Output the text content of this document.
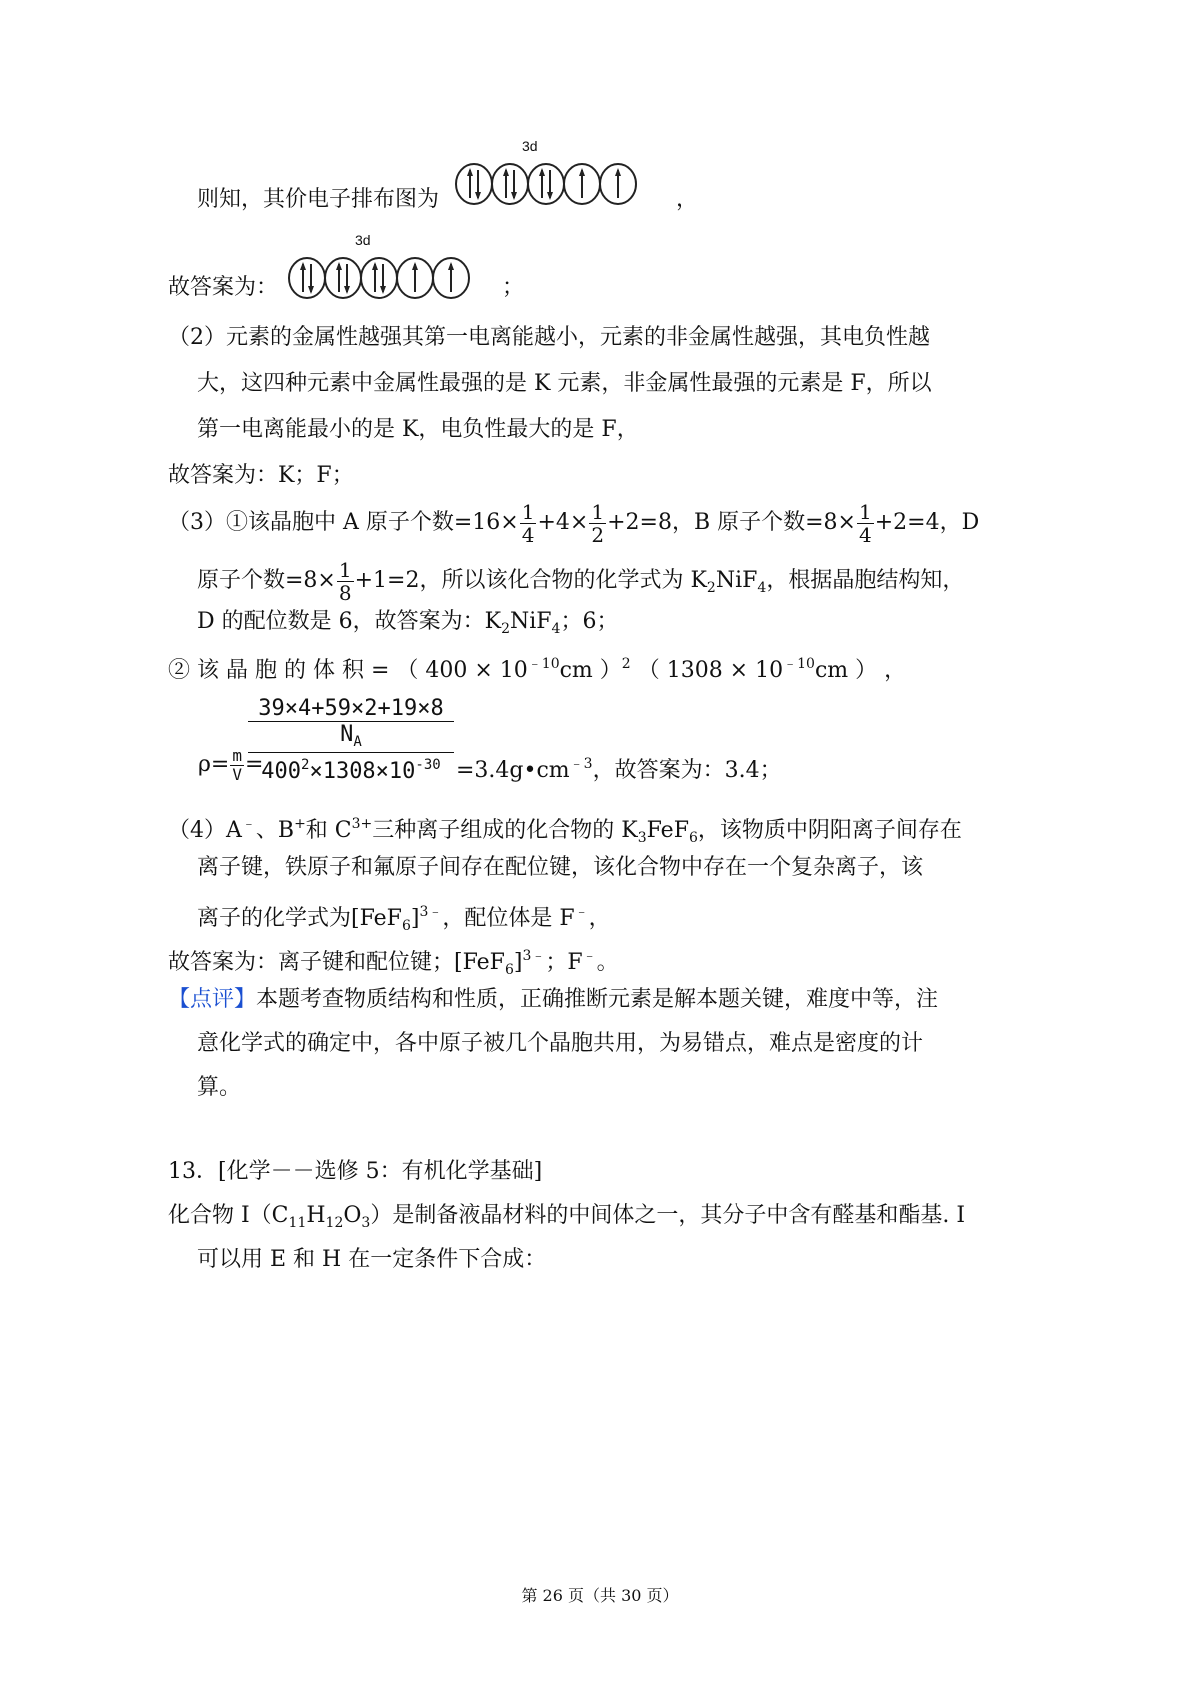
3d
3d
则知，其价电子排布图为	，
故答案为：	；
（2）元素的金属性越强其第一电离能越小，元素的非金属性越强，其电负性越
大，这四种元素中金属性最强的是 K 元素，非金属性最强的元素是 F，所以
第一电离能最小的是 K，电负性最大的是 F，
故答案为：K；F；
（3）①该晶胞中 A 原子个数$=16\times \frac{1}{4} +4\times \frac{1}{2} +2=8$，B 原子个数$=8\times \frac{1}{4} +2=4$，D
原子个数$=8\times \frac{1}{8} +1=2$，所以该化合物的化学式为 $K_2NiF_4$，根据晶胞结构知，
D 的配位数是 6，故答案为：$K_2NiF_4$；6；
② 该 晶 胞 的 体 积 = （ $400 \times 10^{﹣10}cm$ ）$^2$ （ $1308 \times 10^{﹣10}cm$ ） ，
$\rho= \frac{m}{V}$ =
39×4+59×2+19×8
$N_A$
$400^2\times 1308\times 10^{-30}$ $=3.4g•cm^{﹣3}$，故答案为：3.4；
（4）A﹣、B+和 $C^{3+}$三种离子组成的化合物的 $K_3FeF_6$，该物质中阴阳离子间存在
离子键，铁原子和氟原子间存在配位键，该化合物中存在一个复杂离子，该
离子的化学式为$[FeF_6]^{3﹣}$，配位体是 F﹣，
故答案为：离子键和配位键；$[FeF_6]^{3﹣}$；F﹣。
【点评】本题考查物质结构和性质，正确推断元素是解本题关键，难度中等，注
意化学式的确定中，各中原子被几个晶胞共用，为易错点，难点是密度的计
算。
13．[化学－－选修 5：有机化学基础]
化合物 $I(C_{11}H_{12}O_3)$是制备液晶材料的中间体之一，其分子中含有醛基和酯基. I
可以用 E 和 H 在一定条件下合成：
第 26 页（共 30 页）
